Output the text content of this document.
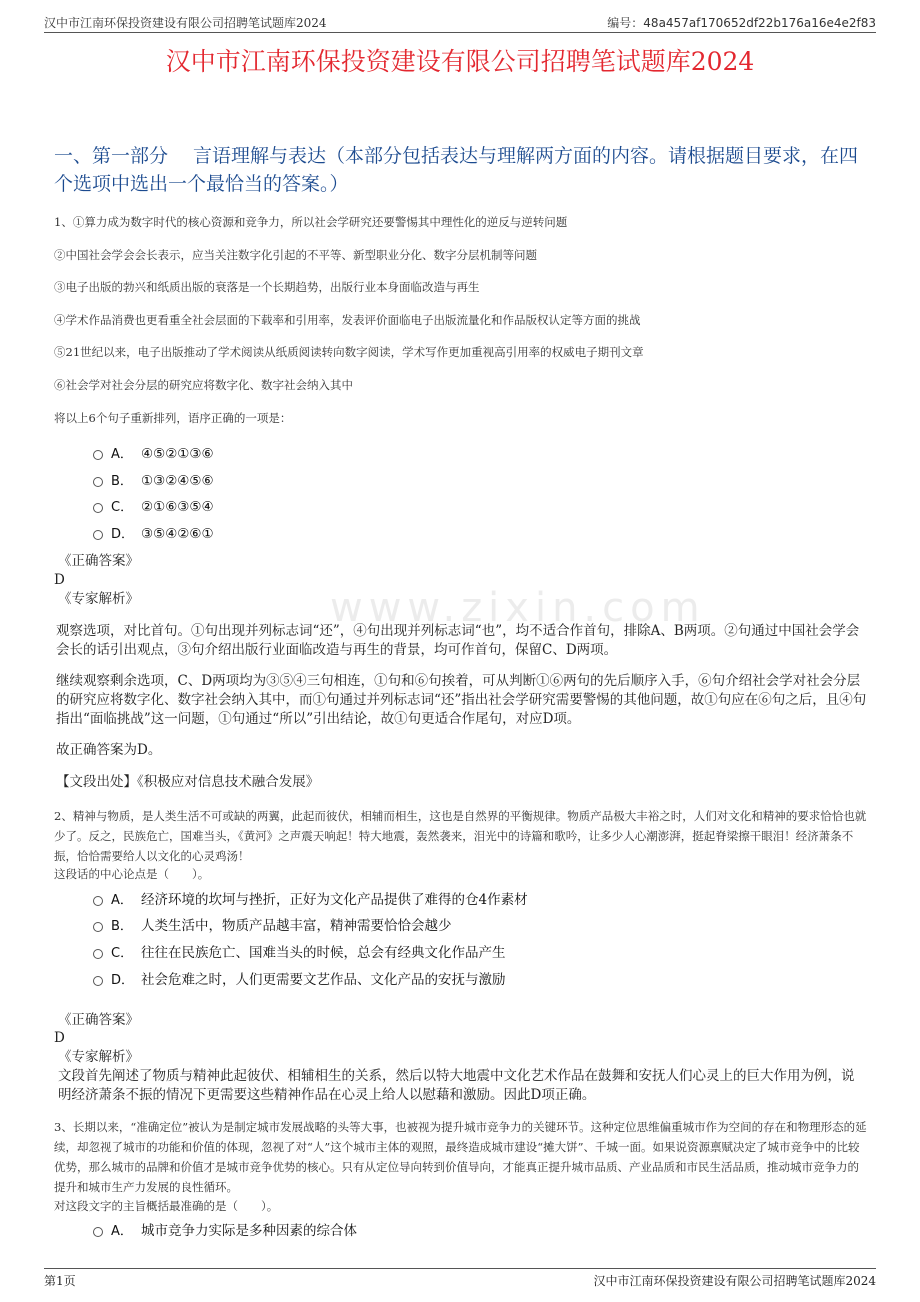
汉中市江南环保投资建设有限公司招聘笔试题库2024	编号：48a457af170652df22b176a16e4e2f83
www.zixin.com
汉中市江南环保投资建设有限公司招聘笔试题库2024

一、第一部分　 言语理解与表达（本部分包括表达与理解两方面的内容。请根据题目要求，在四个选项中选出一个最恰当的答案。）

1、①算力成为数字时代的核心资源和竞争力，所以社会学研究还要警惕其中理性化的逆反与逆转问题

②中国社会学会会长表示，应当关注数字化引起的不平等、新型职业分化、数字分层机制等问题

③电子出版的勃兴和纸质出版的衰落是一个长期趋势，出版行业本身面临改造与再生

④学术作品消费也更看重全社会层面的下载率和引用率，发表评价面临电子出版流量化和作品版权认定等方面的挑战

⑤21世纪以来，电子出版推动了学术阅读从纸质阅读转向数字阅读，学术写作更加重视高引用率的权威电子期刊文章

⑥社会学对社会分层的研究应将数字化、数字社会纳入其中

将以上6个句子重新排列，语序正确的一项是：

A． ④⑤②①③⑥
B． ①③②④⑤⑥
C． ②①⑥③⑤④
D． ③⑤④②⑥①

《正确答案》

D

《专家解析》

观察选项，对比首句。①句出现并列标志词“还”，④句出现并列标志词“也”，均不适合作首句，排除A、B两项。②句通过中国社会学会会长的话引出观点，③句介绍出版行业面临改造与再生的背景，均可作首句，保留C、D两项。

继续观察剩余选项，C、D两项均为③⑤④三句相连，①句和⑥句挨着，可从判断①⑥两句的先后顺序入手，⑥句介绍社会学对社会分层的研究应将数字化、数字社会纳入其中，而①句通过并列标志词“还”指出社会学研究需要警惕的其他问题，故①句应在⑥句之后，且④句指出“面临挑战”这一问题，①句通过“所以”引出结论，故①句更适合作尾句，对应D项。

故正确答案为D。

【文段出处】《积极应对信息技术融合发展》

2、精神与物质，是人类生活不可或缺的两翼，此起而彼伏，相辅而相生，这也是自然界的平衡规律。物质产品极大丰裕之时，人们对文化和精神的要求恰恰也就少了。反之，民族危亡，国难当头，《黄河》之声震天响起！特大地震，轰然袭来，泪光中的诗篇和歌吟，让多少人心潮澎湃，挺起脊梁擦干眼泪！经济萧条不振，恰恰需要给人以文化的心灵鸡汤！

这段话的中心论点是（　　）。

A． 经济环境的坎坷与挫折，正好为文化产品提供了难得的仓4作素材
B． 人类生活中，物质产品越丰富，精神需要恰恰会越少
C． 往往在民族危亡、国难当头的时候，总会有经典文化作品产生
D． 社会危难之时，人们更需要文艺作品、文化产品的安抚与激励

《正确答案》

D

《专家解析》

文段首先阐述了物质与精神此起彼伏、相辅相生的关系，然后以特大地震中文化艺术作品在鼓舞和安抚人们心灵上的巨大作用为例，说明经济萧条不振的情况下更需要这些精神作品在心灵上给人以慰藉和激励。因此D项正确。

3、长期以来，“准确定位”被认为是制定城市发展战略的头等大事，也被视为提升城市竞争力的关键环节。这种定位思维偏重城市作为空间的存在和物理形态的延续，却忽视了城市的功能和价值的体现，忽视了对“人”这个城市主体的观照，最终造成城市建设“摊大饼”、千城一面。如果说资源禀赋决定了城市竞争中的比较优势，那么城市的品牌和价值才是城市竞争优势的核心。只有从定位导向转到价值导向，才能真正提升城市品质、产业品质和市民生活品质，推动城市竞争力的提升和城市生产力发展的良性循环。

对这段文字的主旨概括最准确的是（　　）。

A． 城市竞争力实际是多种因素的综合体
第1页	汉中市江南环保投资建设有限公司招聘笔试题库2024
